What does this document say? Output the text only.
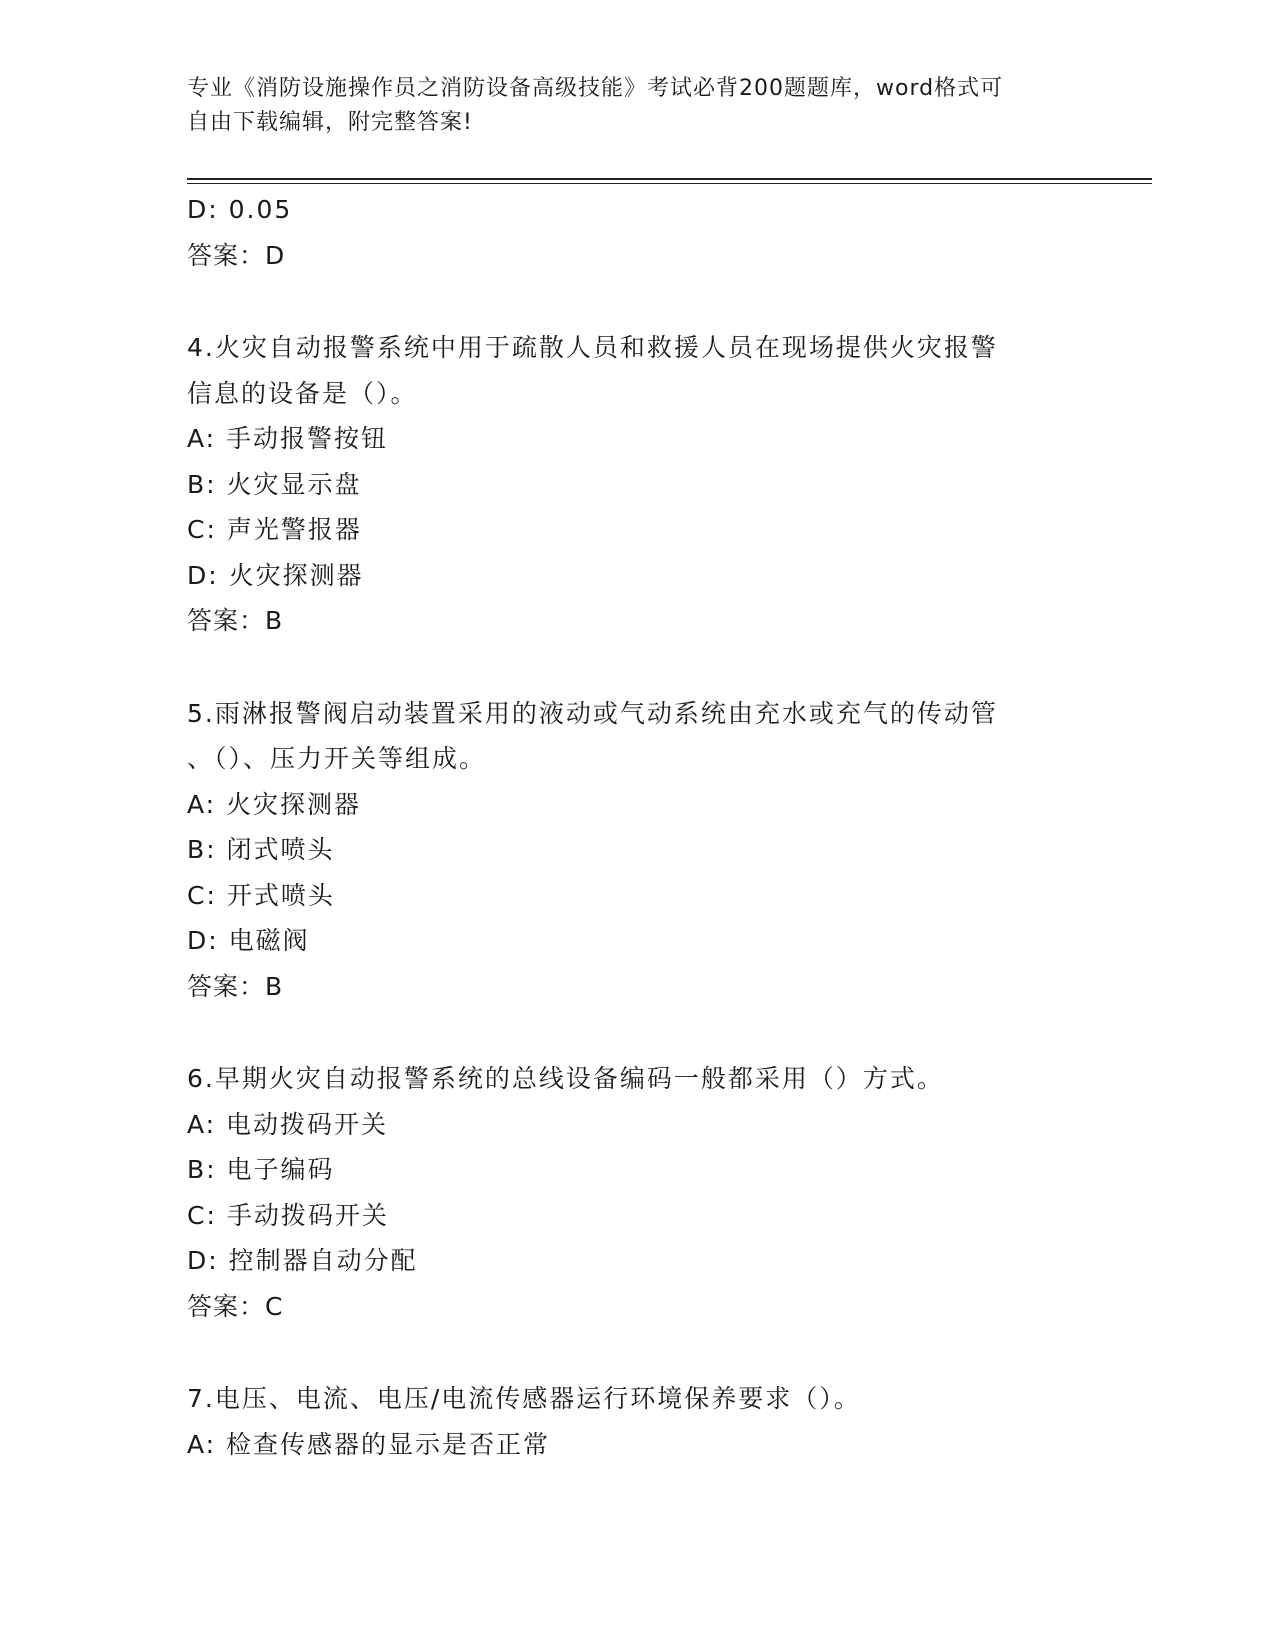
专业《消防设施操作员之消防设备高级技能》考试必背200题题库，word格式可
自由下载编辑，附完整答案!
D: 0.05
答案：D
4.火灾自动报警系统中用于疏散人员和救援人员在现场提供火灾报警
信息的设备是（）。
A: 手动报警按钮
B: 火灾显示盘
C: 声光警报器
D: 火灾探测器
答案：B
5.雨淋报警阀启动装置采用的液动或气动系统由充水或充气的传动管
、（）、压力开关等组成。
A: 火灾探测器
B: 闭式喷头
C: 开式喷头
D: 电磁阀
答案：B
6.早期火灾自动报警系统的总线设备编码一般都采用（）方式。
A: 电动拨码开关
B: 电子编码
C: 手动拨码开关
D: 控制器自动分配
答案：C
7.电压、电流、电压/电流传感器运行环境保养要求（）。
A: 检查传感器的显示是否正常
